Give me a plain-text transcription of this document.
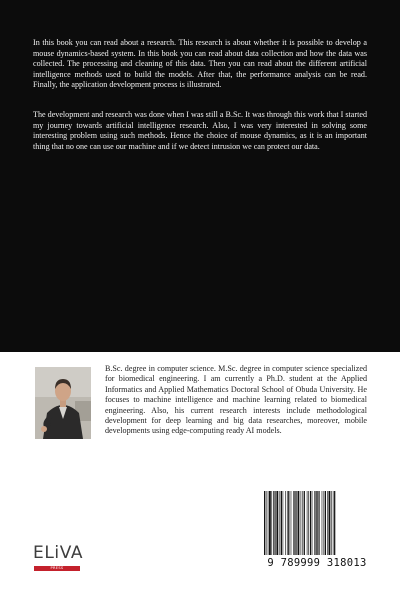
In this book you can read about a research. This research is about whether it is possible to develop a mouse dynamics-based system. In this book you can read about data collection and how the data was collected. The processing and cleaning of this data. Then you can read about the different artificial intelligence methods used to build the models. After that, the performance analysis can be read. Finally, the application development process is illustrated.

The development and research was done when I was still a B.Sc. It was through this work that I started my journey towards artificial intelligence research. Also, I was very interested in solving some interesting problem using such methods. Hence the choice of mouse dynamics, as it is an important thing that no one can use our machine and if we detect intrusion we can protect our data.

B.Sc. degree in computer science. M.Sc. degree in computer science specialized for biomedical engineering. I am currently a Ph.D. student at the Applied Informatics and Applied Mathematics Doctoral School of Obuda University. He focuses to machine intelligence and machine learning related to biomedical engineering. Also, his current research interests include methodological development for deep learning and big data researches, moreover, mobile developments using edge-computing ready AI models.

ELiVA
PRESS	9 789999 318013
